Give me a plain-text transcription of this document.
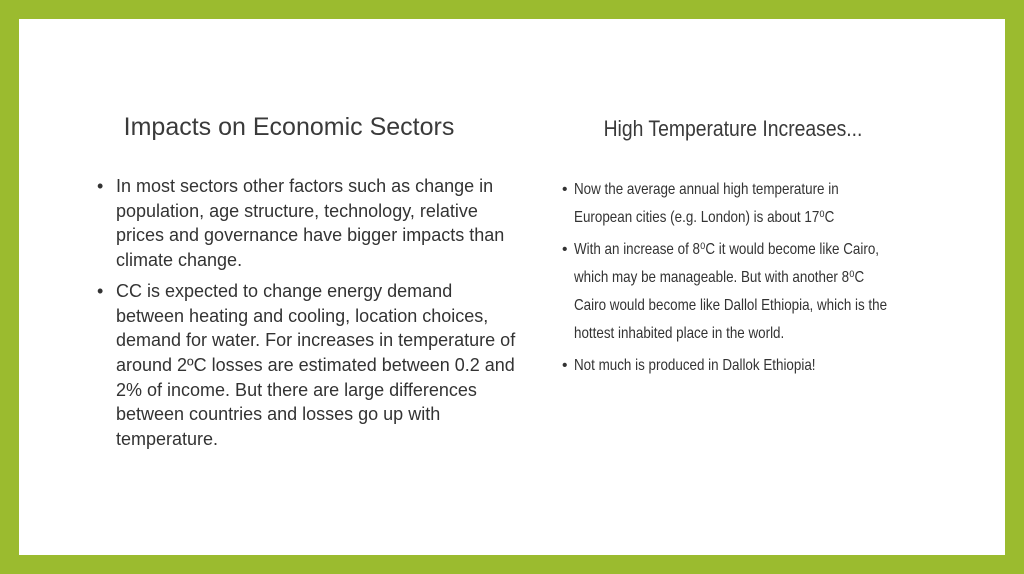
Impacts on Economic Sectors
• In most sectors other factors such as change in population, age structure, technology, relative prices and governance have bigger impacts than climate change.
• CC is expected to change energy demand between heating and cooling, location choices, demand for water. For increases in temperature of around 2ºC losses are estimated between 0.2 and 2% of income. But there are large differences between countries and losses go up with temperature.
High Temperature Increases...
• Now the average annual high temperature in European cities (e.g. London) is about 17⁰C
• With an increase of 8⁰C it would become like Cairo, which may be manageable. But with another 8⁰C Cairo would become like Dallol Ethiopia, which is the hottest inhabited place in the world.
• Not much is produced in Dallok Ethiopia!
